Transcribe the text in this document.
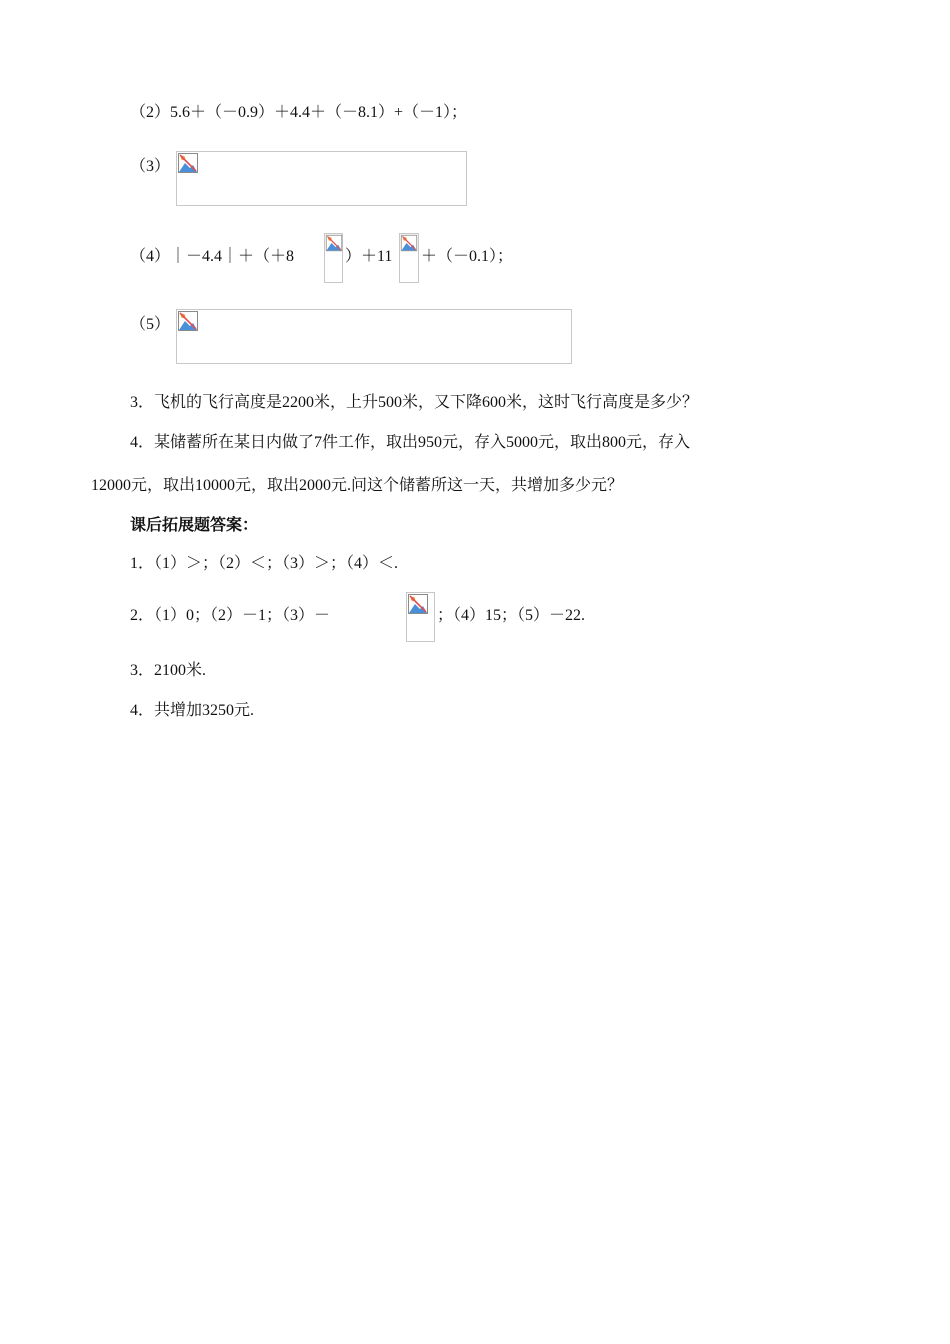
（2）5.6＋（－0.9）＋4.4＋（－8.1）+（－1）；
（3）
（4）｜－4.4｜＋（＋8	）＋11 ＋（－0.1）；
（5）
3．飞机的飞行高度是2200米，上升500米，又下降600米，这时飞行高度是多少？
4．某储蓄所在某日内做了7件工作，取出950元，存入5000元，取出800元，存入
12000元，取出10000元，取出2000元.问这个储蓄所这一天，共增加多少元？
课后拓展题答案：
1．（1）＞；（2）＜；（3）＞；（4）＜.
2．（1）0；（2）－1；（3）－	；（4）15；（5）－22.
3．2100米.
4．共增加3250元.
